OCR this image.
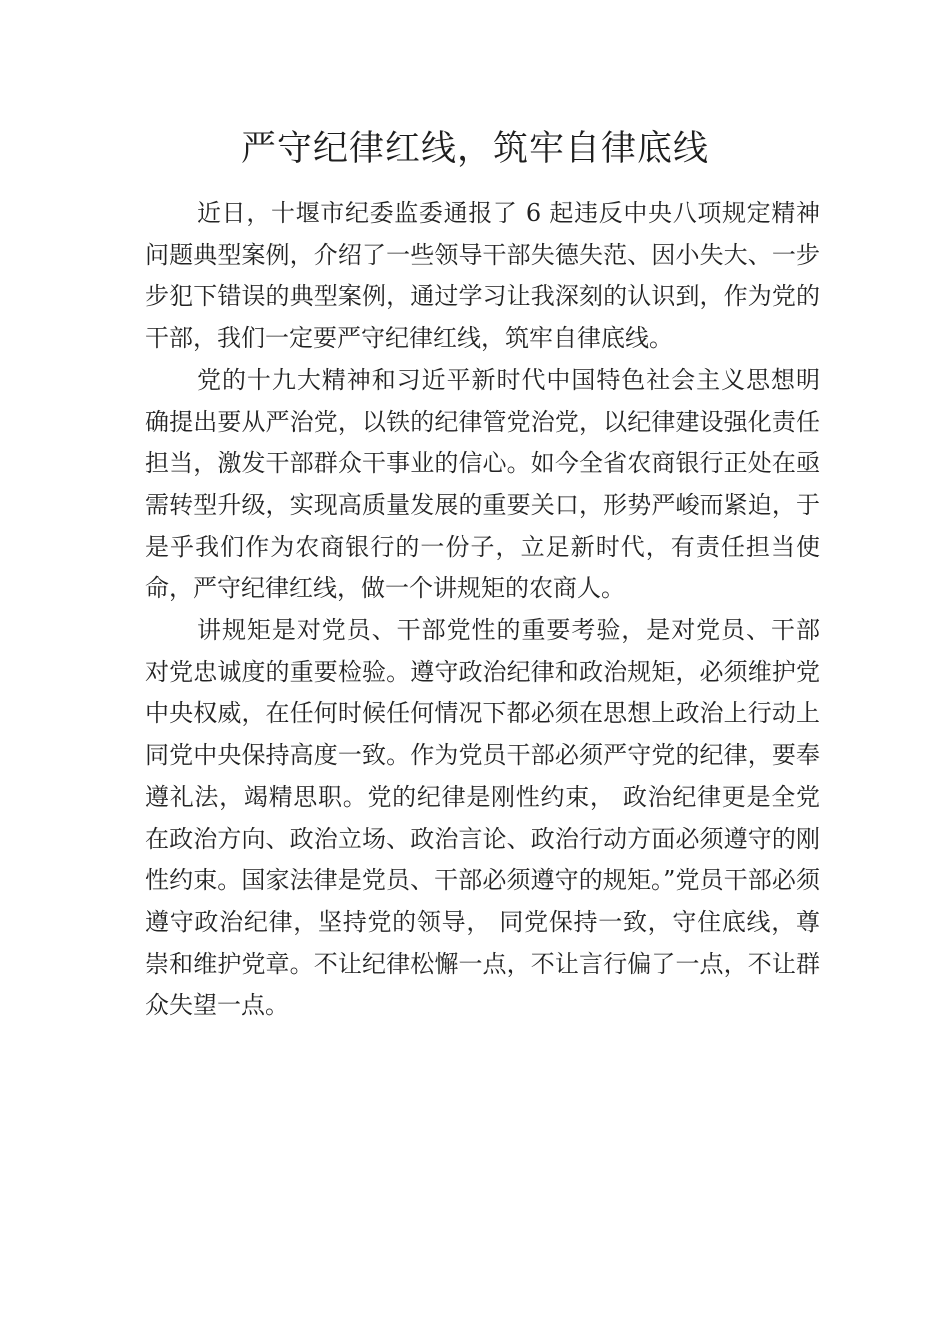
严守纪律红线，筑牢自律底线

近日，十堰市纪委监委通报了 6 起违反中央八项规定精神问题典型案例，介绍了一些领导干部失德失范、因小失大、一步步犯下错误的典型案例，通过学习让我深刻的认识到，作为党的干部，我们一定要严守纪律红线，筑牢自律底线。

党的十九大精神和习近平新时代中国特色社会主义思想明确提出要从严治党，以铁的纪律管党治党，以纪律建设强化责任担当，激发干部群众干事业的信心。如今全省农商银行正处在亟需转型升级，实现高质量发展的重要关口，形势严峻而紧迫，于是乎我们作为农商银行的一份子，立足新时代，有责任担当使命，严守纪律红线，做一个讲规矩的农商人。

讲规矩是对党员、干部党性的重要考验，是对党员、干部对党忠诚度的重要检验。遵守政治纪律和政治规矩，必须维护党中央权威，在任何时候任何情况下都必须在思想上政治上行动上同党中央保持高度一致。作为党员干部必须严守党的纪律，要奉遵礼法，竭精思职。党的纪律是刚性约束， 政治纪律更是全党在政治方向、政治立场、政治言论、政治行动方面必须遵守的刚性约束。国家法律是党员、干部必须遵守的规矩。”党员干部必须遵守政治纪律，坚持党的领导， 同党保持一致，守住底线，尊崇和维护党章。不让纪律松懈一点，不让言行偏了一点，不让群众失望一点。
